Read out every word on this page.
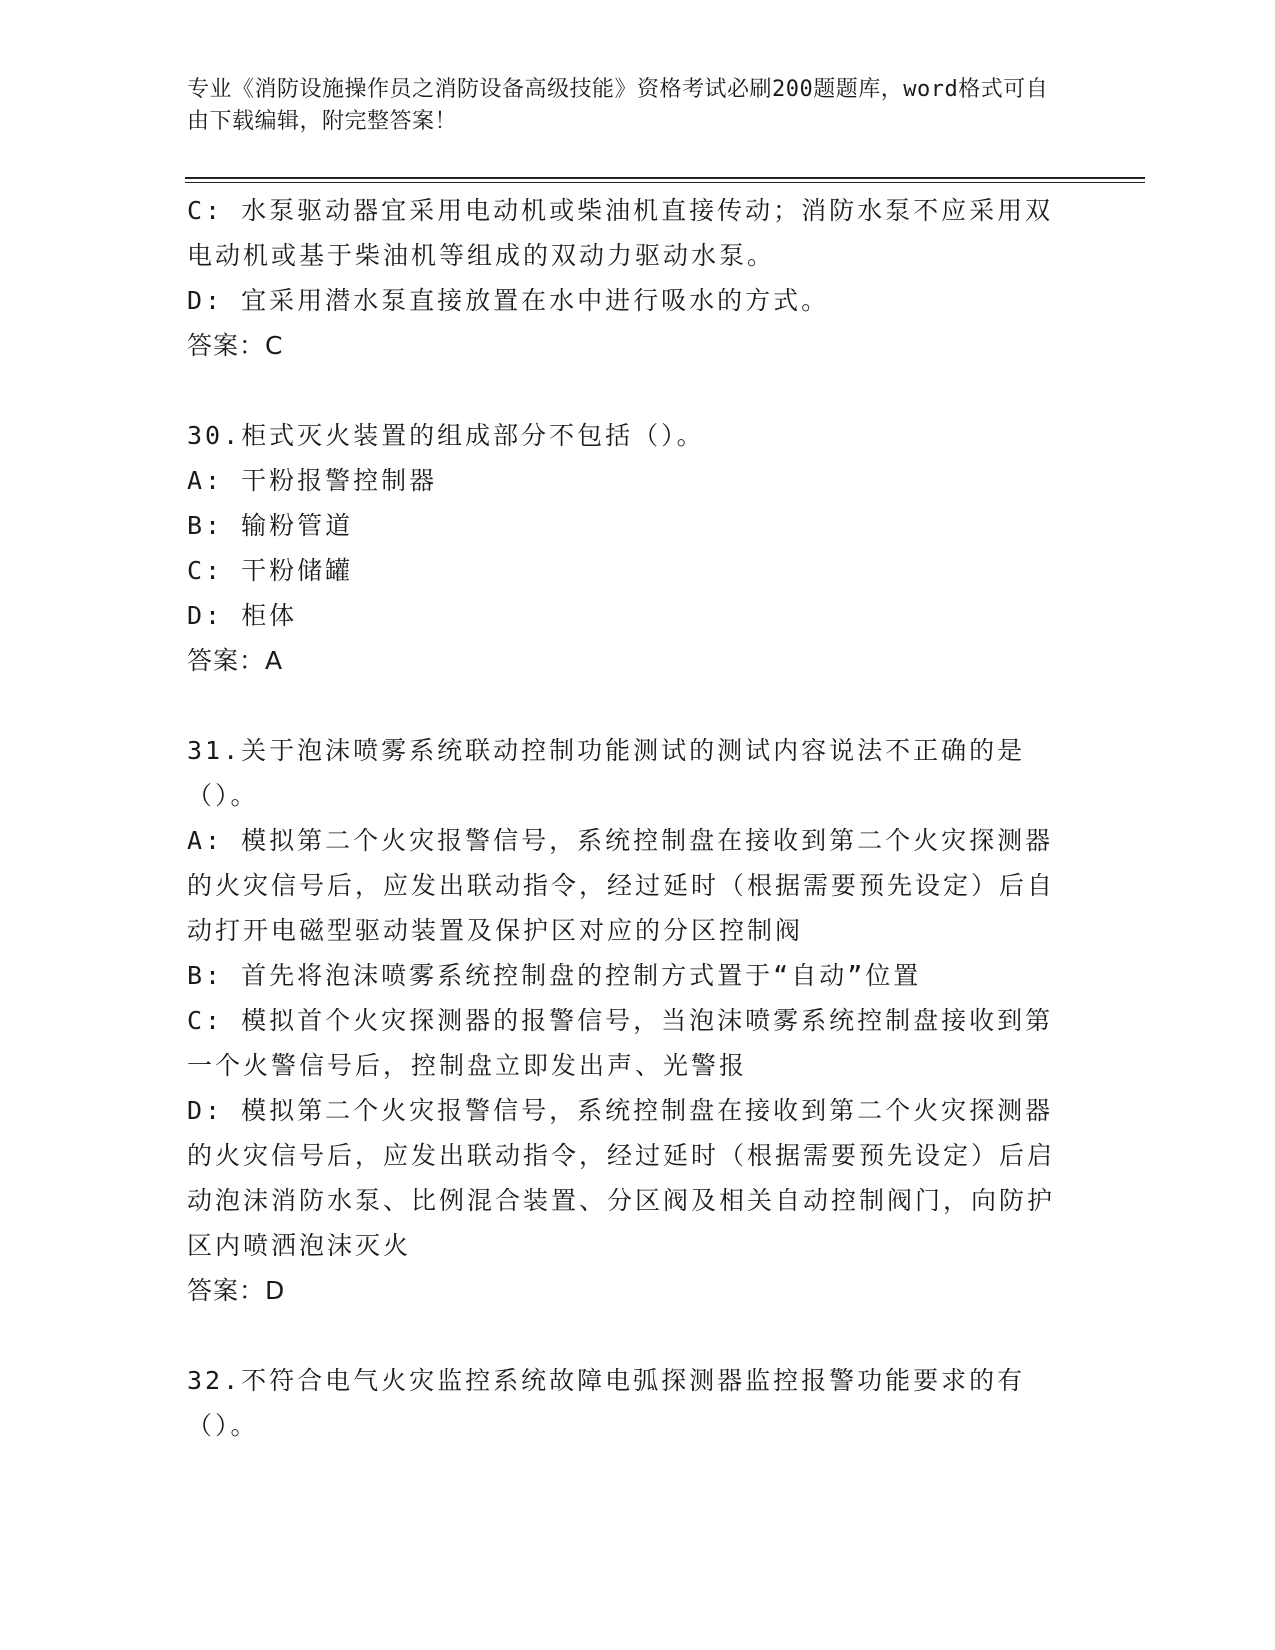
专业《消防设施操作员之消防设备高级技能》资格考试必刷200题题库，word格式可自由下载编辑，附完整答案！

C: 水泵驱动器宜采用电动机或柴油机直接传动；消防水泵不应采用双电动机或基于柴油机等组成的双动力驱动水泵。

D: 宜采用潜水泵直接放置在水中进行吸水的方式。

答案：C

30.柜式灭火装置的组成部分不包括（）。

A: 干粉报警控制器

B: 输粉管道

C: 干粉储罐

D: 柜体

答案：A

31.关于泡沫喷雾系统联动控制功能测试的测试内容说法不正确的是（）。

A: 模拟第二个火灾报警信号，系统控制盘在接收到第二个火灾探测器的火灾信号后，应发出联动指令，经过延时（根据需要预先设定）后自动打开电磁型驱动装置及保护区对应的分区控制阀

B: 首先将泡沫喷雾系统控制盘的控制方式置于“自动”位置

C: 模拟首个火灾探测器的报警信号，当泡沫喷雾系统控制盘接收到第一个火警信号后，控制盘立即发出声、光警报

D: 模拟第二个火灾报警信号，系统控制盘在接收到第二个火灾探测器的火灾信号后，应发出联动指令，经过延时（根据需要预先设定）后启动泡沫消防水泵、比例混合装置、分区阀及相关自动控制阀门，向防护区内喷洒泡沫灭火

答案：D

32.不符合电气火灾监控系统故障电弧探测器监控报警功能要求的有（）。
